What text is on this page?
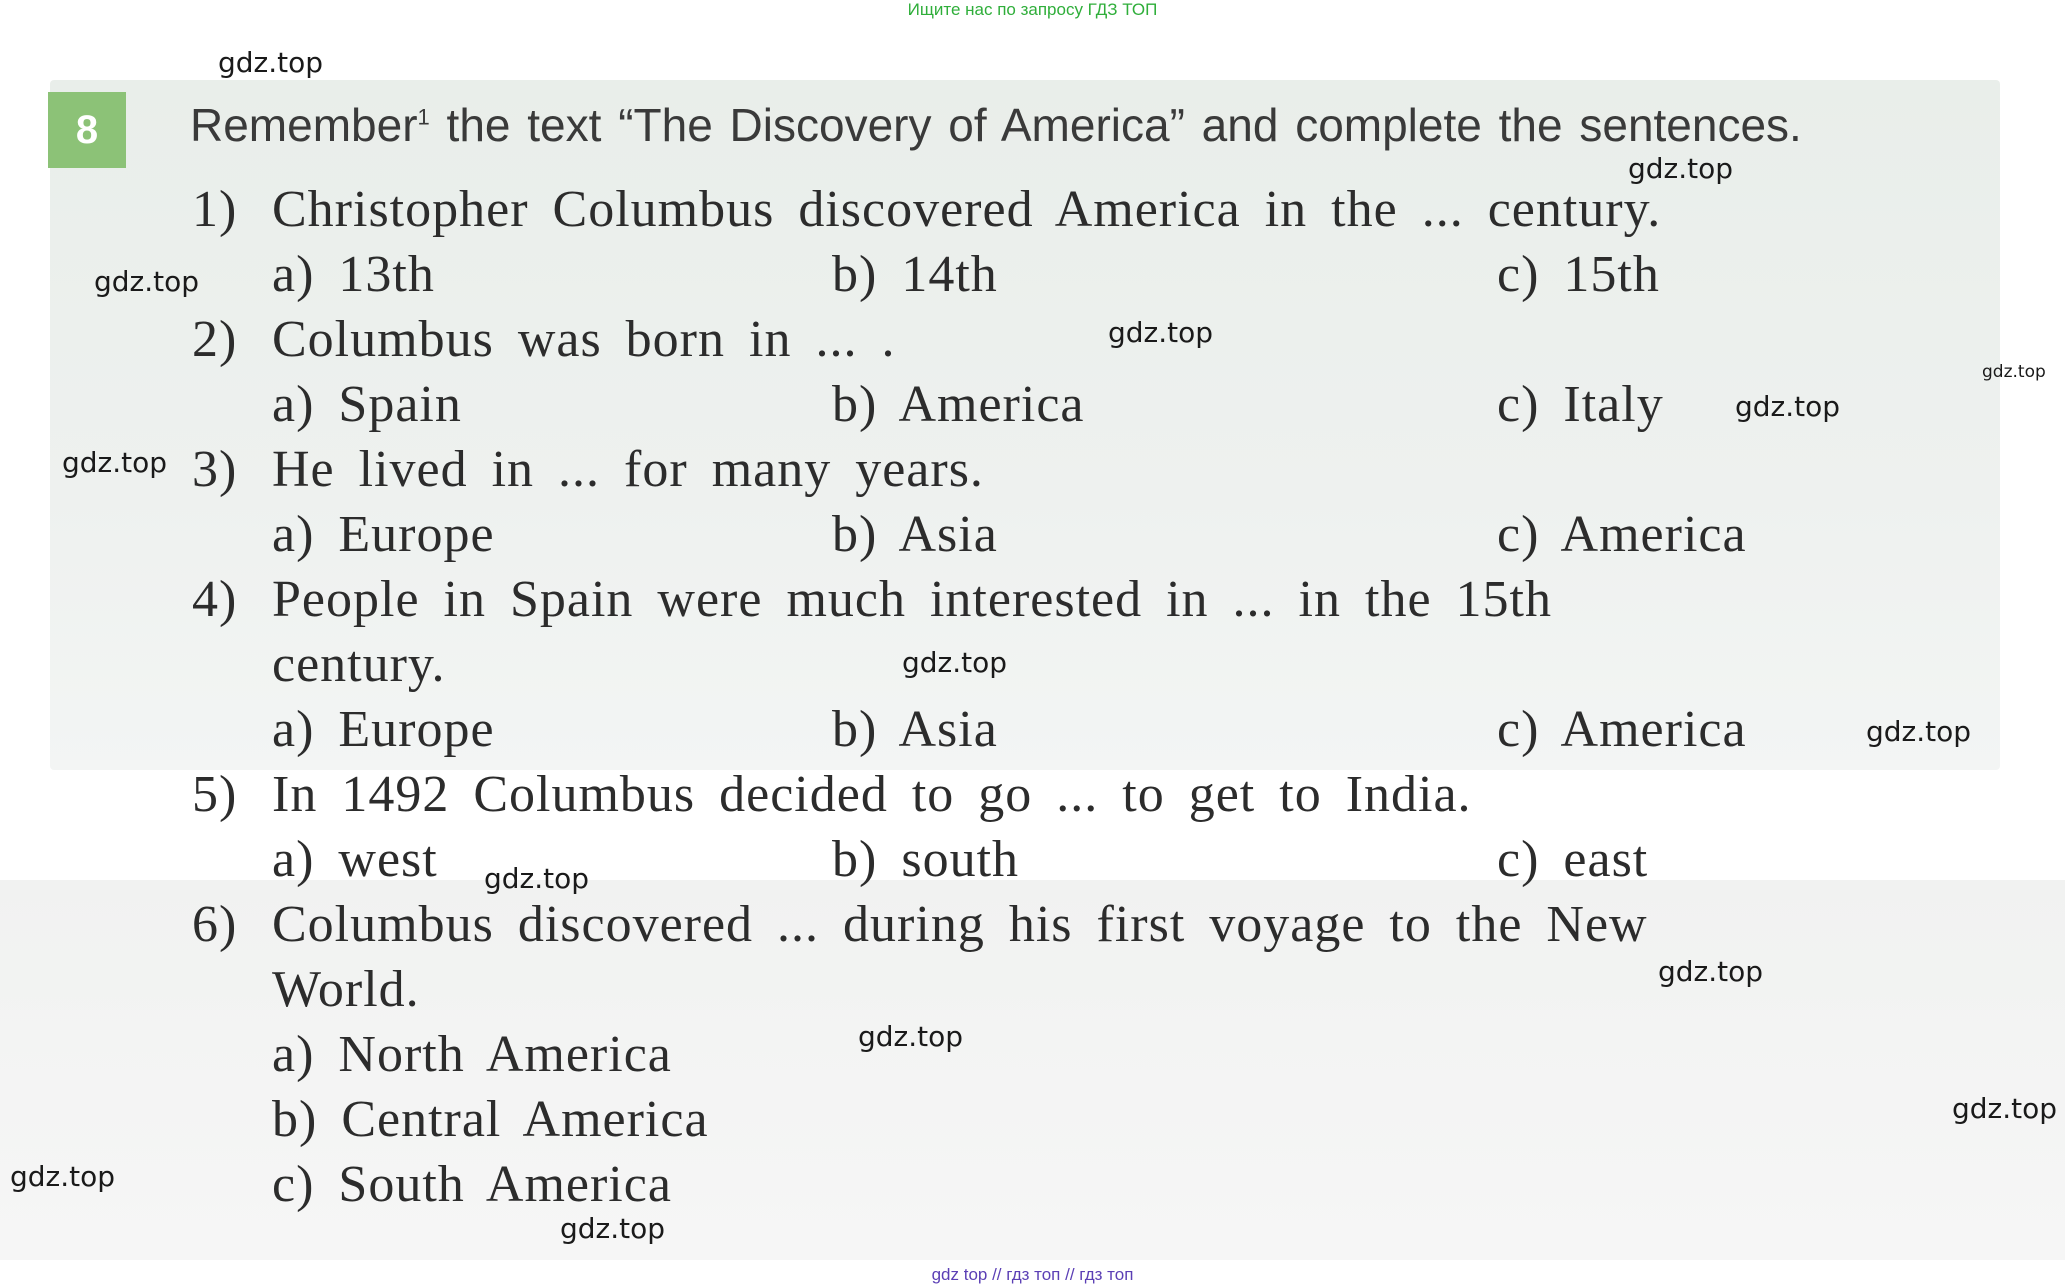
Ищите нас по запросу ГДЗ ТОП
8	Remember$^1$ the text “The Discovery of America” and complete the sentences.
1) Christopher Columbus discovered America in the ... century.
a) 13th	b) 14th	c) 15th
2) Columbus was born in ... .
a) Spain	b) America	c) Italy
3) He lived in ... for many years.
a) Europe	b) Asia	c) America
4) People in Spain were much interested in ... in the 15th
century.
a) Europe	b) Asia	c) America
5) In 1492 Columbus decided to go ... to get to India.
a) west	b) south	c) east
6) Columbus discovered ... during his first voyage to the New
World.
a) North America
b) Central America
c) South America
gdz.top
gdz.top
gdz.top
gdz.top
gdz.top
gdz.top
gdz.top
gdz.top
gdz.top
gdz.top
gdz.top
gdz.top
gdz.top
gdz.top
gdz.top
gdz top // гдз топ // гдз топ
